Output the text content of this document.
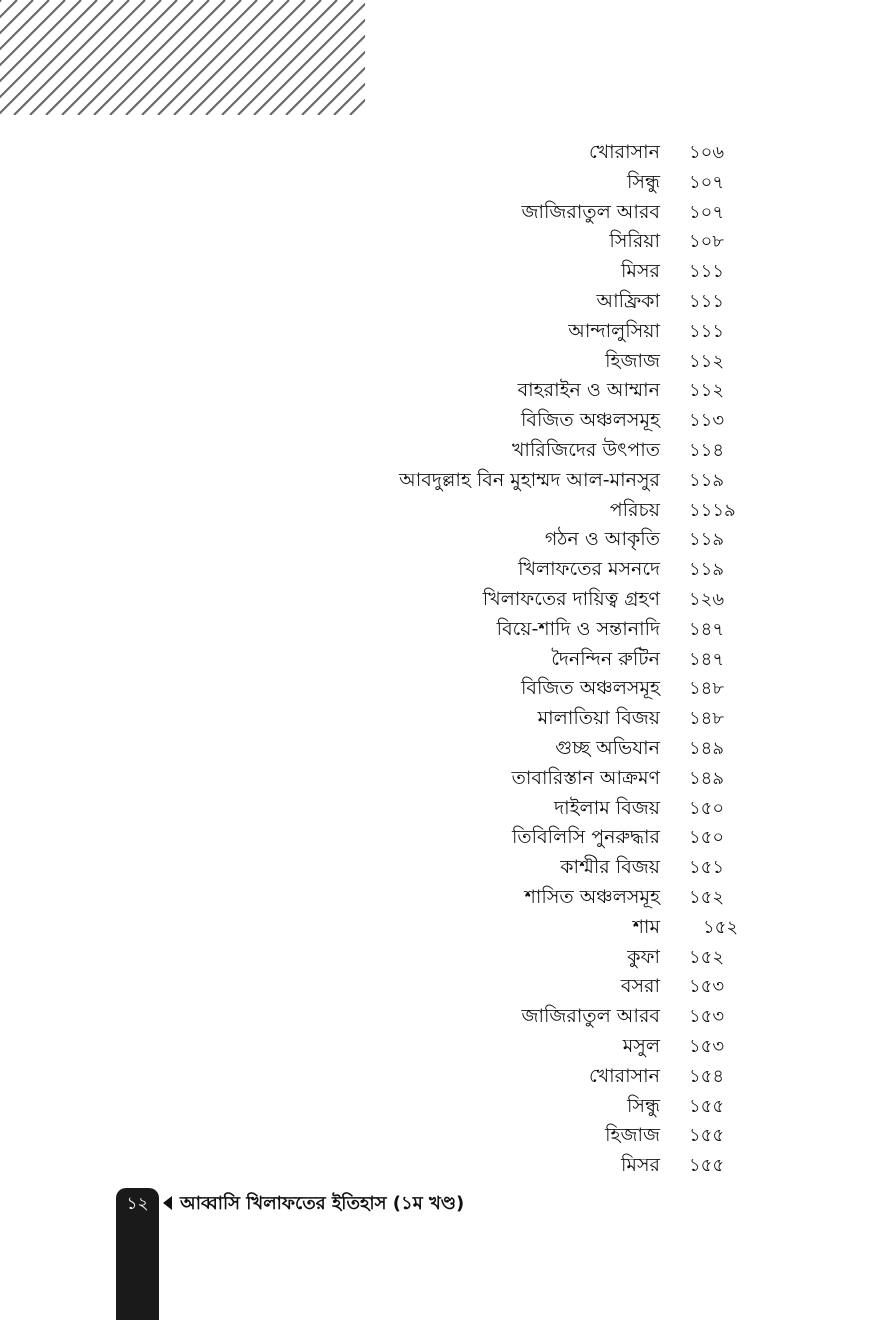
খোরাসান ১০৬
সিন্ধু ১০৭
জাজিরাতুল আরব ১০৭
সিরিয়া ১০৮
মিসর ১১১
আফ্রিকা ১১১
আন্দালুসিয়া ১১১
হিজাজ ১১২
বাহরাইন ও আম্মান ১১২
বিজিত অঞ্চলসমূহ ১১৩
খারিজিদের উৎপাত ১১৪
আবদুল্লাহ বিন মুহাম্মদ আল-মানসুর ১১৯
পরিচয় ১১১৯
গঠন ও আকৃতি ১১৯
খিলাফতের মসনদে ১১৯
খিলাফতের দায়িত্ব গ্রহণ ১২৬
বিয়ে-শাদি ও সন্তানাদি ১৪৭
দৈনন্দিন রুটিন ১৪৭
বিজিত অঞ্চলসমূহ ১৪৮
মালাতিয়া বিজয় ১৪৮
গুচ্ছ অভিযান ১৪৯
তাবারিস্তান আক্রমণ ১৪৯
দাইলাম বিজয় ১৫০
তিবিলিসি পুনরুদ্ধার ১৫০
কাশ্মীর বিজয় ১৫১
শাসিত অঞ্চলসমূহ ১৫২
শাম ১৫২
কুফা ১৫২
বসরা ১৫৩
জাজিরাতুল আরব ১৫৩
মসুল ১৫৩
খোরাসান ১৫৪
সিন্ধু ১৫৫
হিজাজ ১৫৫
মিসর ১৫৫
১২	আব্বাসি খিলাফতের ইতিহাস (১ম খণ্ড)
